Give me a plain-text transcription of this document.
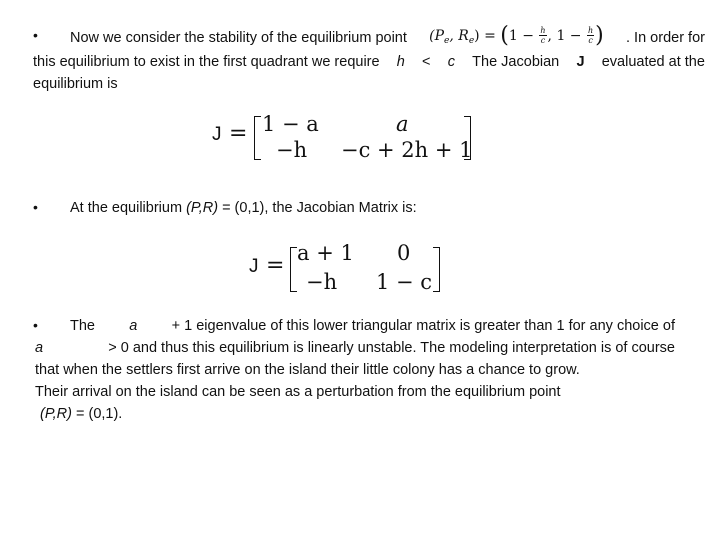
• Now we consider the stability of the equilibrium point ($P_e$, $R_e) = (1 - \frac{h}{c}$ , $1 - \frac{h}{c}$ ) . In order for
this equilibrium to exist in the first quadrant we require h < c The Jacobian J evaluated at the
equilibrium is
J = 1 − a	a
−h −c + 2h + 1
• At the equilibrium (P,R) = (0,1), the Jacobian Matrix is:
J = a + 1 0
−h 1 − c
• The a + 1 eigenvalue of this lower triangular matrix is greater than 1 for any choice of
a	> 0 and thus this equilibrium is linearly unstable. The modeling interpretation is of course
that when the settlers first arrive on the island their little colony has a chance to grow.
Their arrival on the island can be seen as a perturbation from the equilibrium point
(P,R) = (0,1).
